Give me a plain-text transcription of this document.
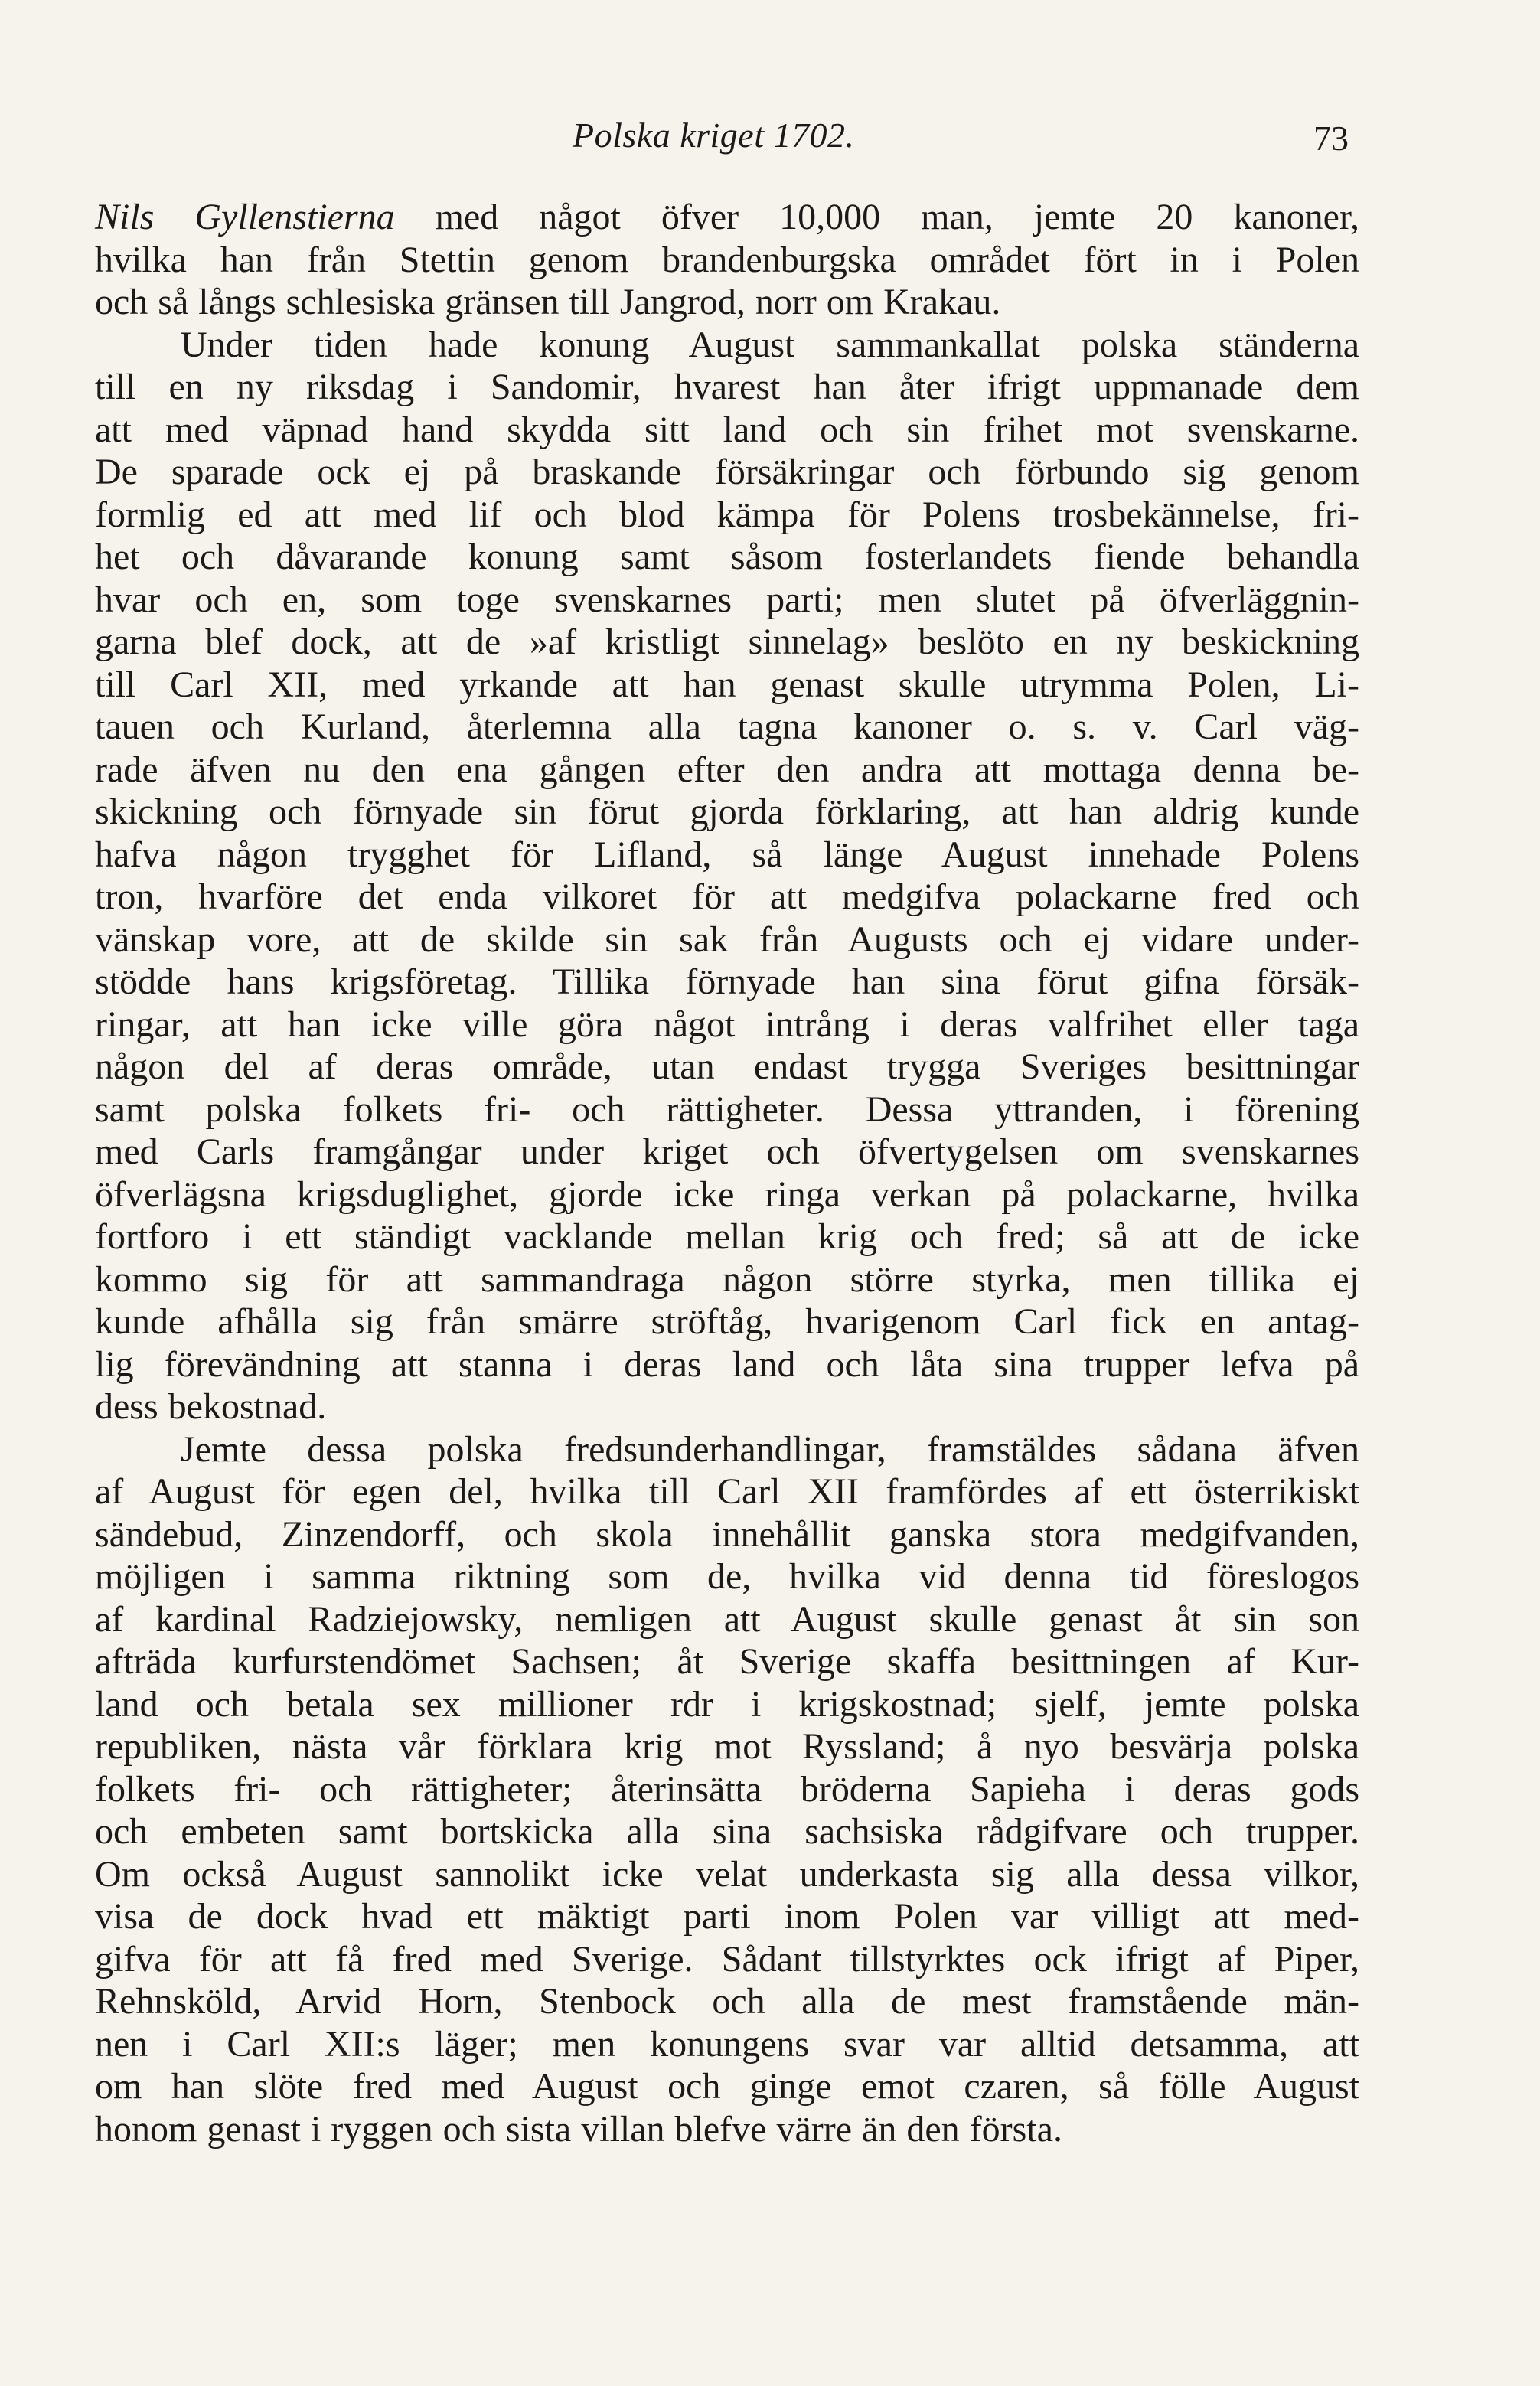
Polska kriget 1702.	73
Nils Gyllenstierna med något öfver 10,000 man, jemte 20 kanoner,
hvilka han från Stettin genom brandenburgska området fört in i Polen
och så långs schlesiska gränsen till Jangrod, norr om Krakau.
Under tiden hade konung August sammankallat polska ständerna
till en ny riksdag i Sandomir, hvarest han åter ifrigt uppmanade dem
att med väpnad hand skydda sitt land och sin frihet mot svenskarne.
De sparade ock ej på braskande försäkringar och förbundo sig genom
formlig ed att med lif och blod kämpa för Polens trosbekännelse, fri-
het och dåvarande konung samt såsom fosterlandets fiende behandla
hvar och en, som toge svenskarnes parti; men slutet på öfverläggnin-
garna blef dock, att de »af kristligt sinnelag» beslöto en ny beskickning
till Carl XII, med yrkande att han genast skulle utrymma Polen, Li-
tauen och Kurland, återlemna alla tagna kanoner o. s. v. Carl väg-
rade äfven nu den ena gången efter den andra att mottaga denna be-
skickning och förnyade sin förut gjorda förklaring, att han aldrig kunde
hafva någon trygghet för Lifland, så länge August innehade Polens
tron, hvarföre det enda vilkoret för att medgifva polackarne fred och
vänskap vore, att de skilde sin sak från Augusts och ej vidare under-
stödde hans krigsföretag. Tillika förnyade han sina förut gifna försäk-
ringar, att han icke ville göra något intrång i deras valfrihet eller taga
någon del af deras område, utan endast trygga Sveriges besittningar
samt polska folkets fri- och rättigheter. Dessa yttranden, i förening
med Carls framgångar under kriget och öfvertygelsen om svenskarnes
öfverlägsna krigsduglighet, gjorde icke ringa verkan på polackarne, hvilka
fortforo i ett ständigt vacklande mellan krig och fred; så att de icke
kommo sig för att sammandraga någon större styrka, men tillika ej
kunde afhålla sig från smärre ströftåg, hvarigenom Carl fick en antag-
lig förevändning att stanna i deras land och låta sina trupper lefva på
dess bekostnad.
Jemte dessa polska fredsunderhandlingar, framstäldes sådana äfven
af August för egen del, hvilka till Carl XII framfördes af ett österrikiskt
sändebud, Zinzendorff, och skola innehållit ganska stora medgifvanden,
möjligen i samma riktning som de, hvilka vid denna tid föreslogos
af kardinal Radziejowsky, nemligen att August skulle genast åt sin son
afträda kurfurstendömet Sachsen; åt Sverige skaffa besittningen af Kur-
land och betala sex millioner rdr i krigskostnad; sjelf, jemte polska
republiken, nästa vår förklara krig mot Ryssland; å nyo besvärja polska
folkets fri- och rättigheter; återinsätta bröderna Sapieha i deras gods
och embeten samt bortskicka alla sina sachsiska rådgifvare och trupper.
Om också August sannolikt icke velat underkasta sig alla dessa vilkor,
visa de dock hvad ett mäktigt parti inom Polen var villigt att med-
gifva för att få fred med Sverige. Sådant tillstyrktes ock ifrigt af Piper,
Rehnsköld, Arvid Horn, Stenbock och alla de mest framstående män-
nen i Carl XII:s läger; men konungens svar var alltid detsamma, att
om han slöte fred med August och ginge emot czaren, så fölle August
honom genast i ryggen och sista villan blefve värre än den första.
